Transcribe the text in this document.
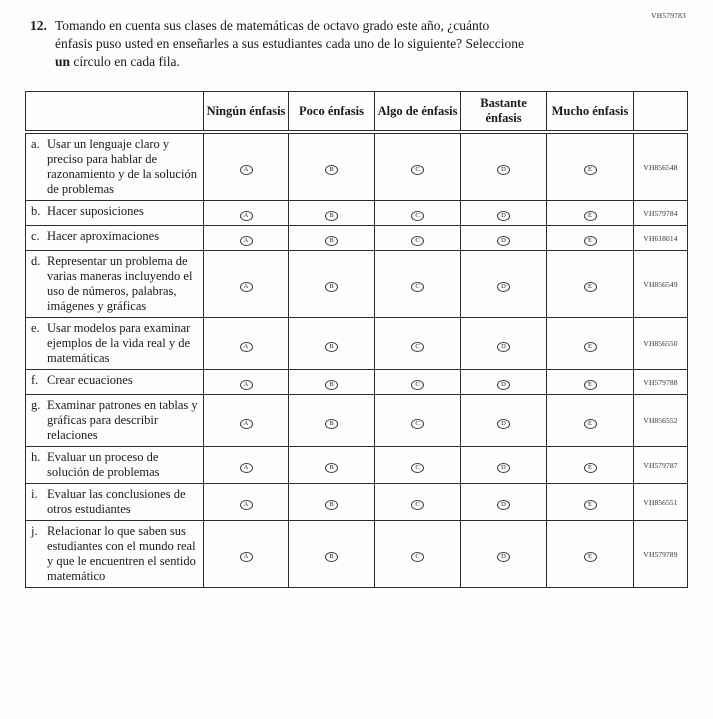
VH579783
12. Tomando en cuenta sus clases de matemáticas de octavo grado este año, ¿cuánto
énfasis puso usted en enseñarles a sus estudiantes cada uno de lo siguiente? Seleccione
un círculo en cada fila.
	Ningún énfasis	Poco énfasis	Algo de énfasis	Bastante énfasis	Mucho énfasis	

a. Usar un lenguaje claro y preciso para hablar de razonamiento y de la solución de problemas	A	B	C	D	E	VH856548

b. Hacer suposiciones	A	B	C	D	E	VH579784

c. Hacer aproximaciones	A	B	C	D	E	VH618014

d. Representar un problema de varias maneras incluyendo el uso de números, palabras, imágenes y gráficas	A	B	C	D	E	VH856549

e. Usar modelos para examinar ejemplos de la vida real y de matemáticas	A	B	C	D	E	VH856550

f. Crear ecuaciones	A	B	C	D	E	VH579788

g. Examinar patrones en tablas y gráficas para describir relaciones	A	B	C	D	E	VH856552

h. Evaluar un proceso de solución de problemas	A	B	C	D	E	VH579787

i. Evaluar las conclusiones de otros estudiantes	A	B	C	D	E	VH856551

j. Relacionar lo que saben sus estudiantes con el mundo real y que le encuentren el sentido matemático	A	B	C	D	E	VH579789
